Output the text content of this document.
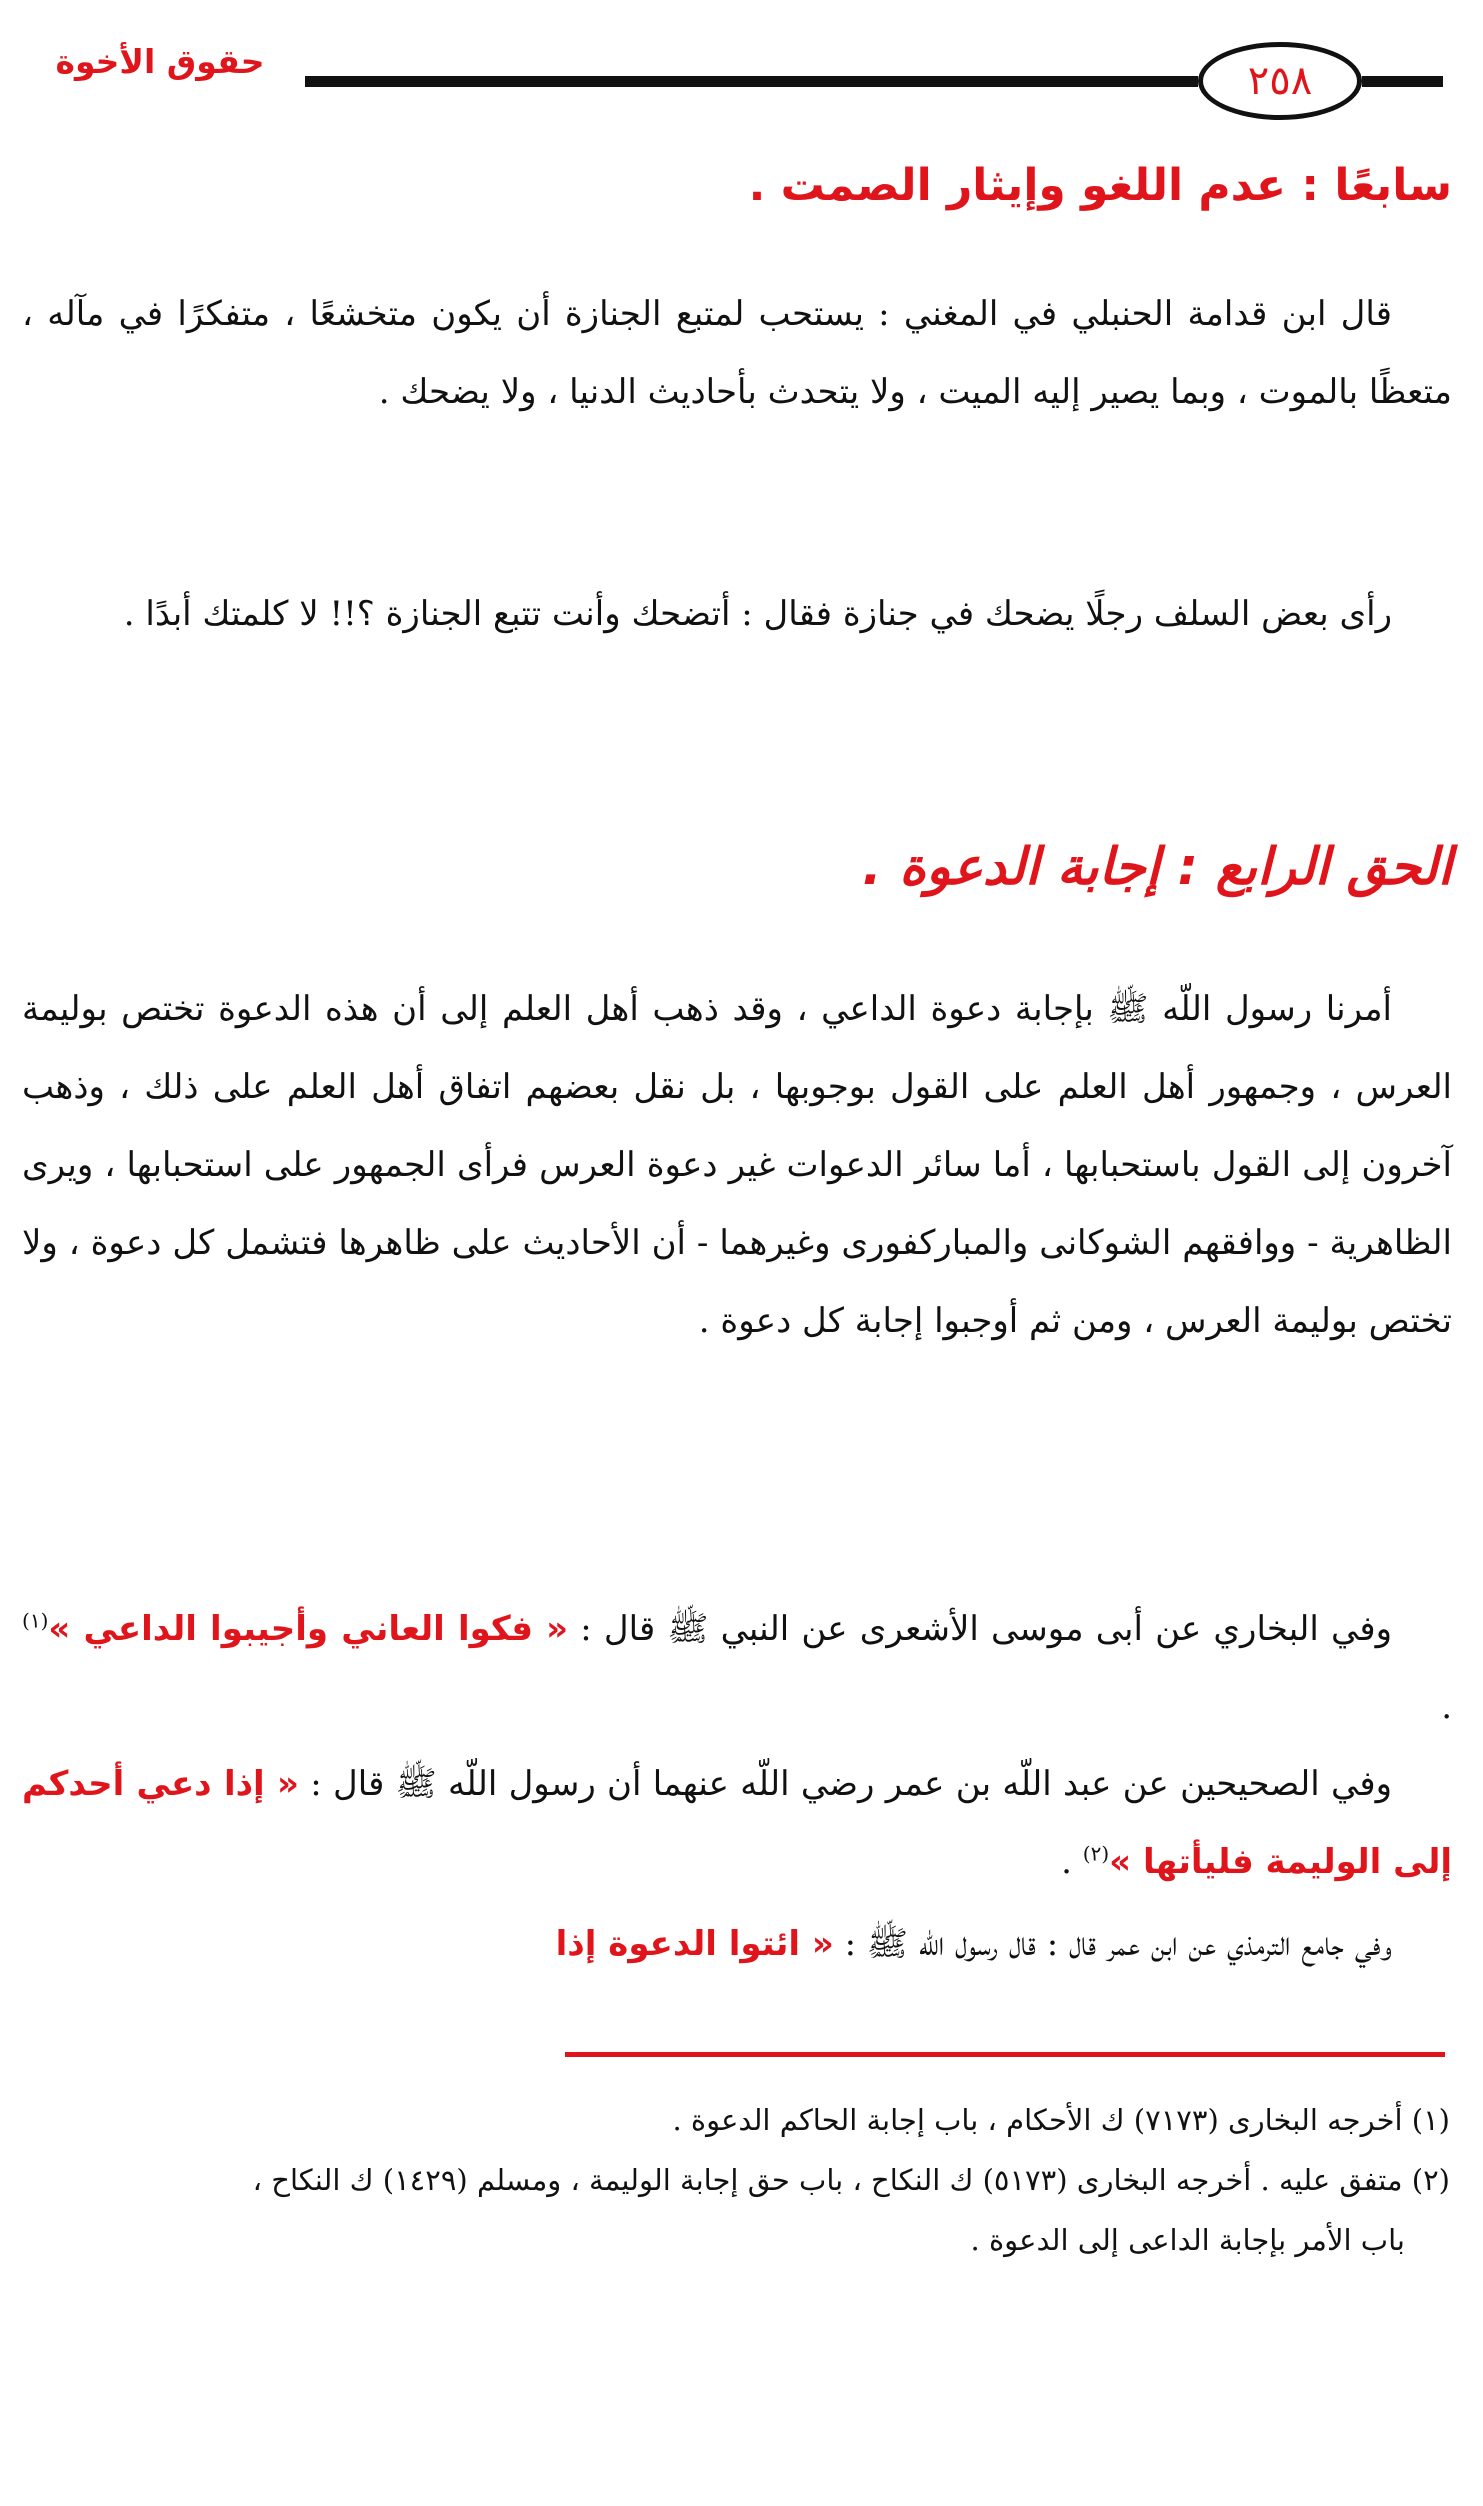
حقوق الأخوة	٢٥٨
سابعًا : عدم اللغو وإيثار الصمت .
قال ابن قدامة الحنبلي في المغني : يستحب لمتبع الجنازة أن يكون متخشعًا ، متفكرًا في مآله ، متعظًا بالموت ، وبما يصير إليه الميت ، ولا يتحدث بأحاديث الدنيا ، ولا يضحك .
رأى بعض السلف رجلًا يضحك في جنازة فقال : أتضحك وأنت تتبع الجنازة ؟!! لا كلمتك أبدًا .
الحق الرابع : إجابة الدعوة .
أمرنا رسول اللّه ﷺ بإجابة دعوة الداعي ، وقد ذهب أهل العلم إلى أن هذه الدعوة تختص بوليمة العرس ، وجمهور أهل العلم على القول بوجوبها ، بل نقل بعضهم اتفاق أهل العلم على ذلك ، وذهب آخرون إلى القول باستحبابها ، أما سائر الدعوات غير دعوة العرس فرأى الجمهور على استحبابها ، ويرى الظاهرية - ووافقهم الشوكانى والمباركفورى وغيرهما - أن الأحاديث على ظاهرها فتشمل كل دعوة ، ولا تختص بوليمة العرس ، ومن ثم أوجبوا إجابة كل دعوة .
وفي البخاري عن أبى موسى الأشعرى عن النبي ﷺ قال : « فكوا العاني وأجيبوا الداعي »$^{(١)}$ .
وفي الصحيحين عن عبد اللّه بن عمر رضي اللّه عنهما أن رسول اللّه ﷺ قال : « إذا دعي أحدكم إلى الوليمة فليأتها »$^{(٢)}$ .
وفي جامع الترمذي عن ابن عمر قال : قال رسول اللّه ﷺ : « ائتوا الدعوة إذا
(١) أخرجه البخارى (٧١٧٣) ك الأحكام ، باب إجابة الحاكم الدعوة .
(٢) متفق عليه . أخرجه البخارى (٥١٧٣) ك النكاح ، باب حق إجابة الوليمة ، ومسلم (١٤٢٩) ك النكاح ،
باب الأمر بإجابة الداعى إلى الدعوة .
